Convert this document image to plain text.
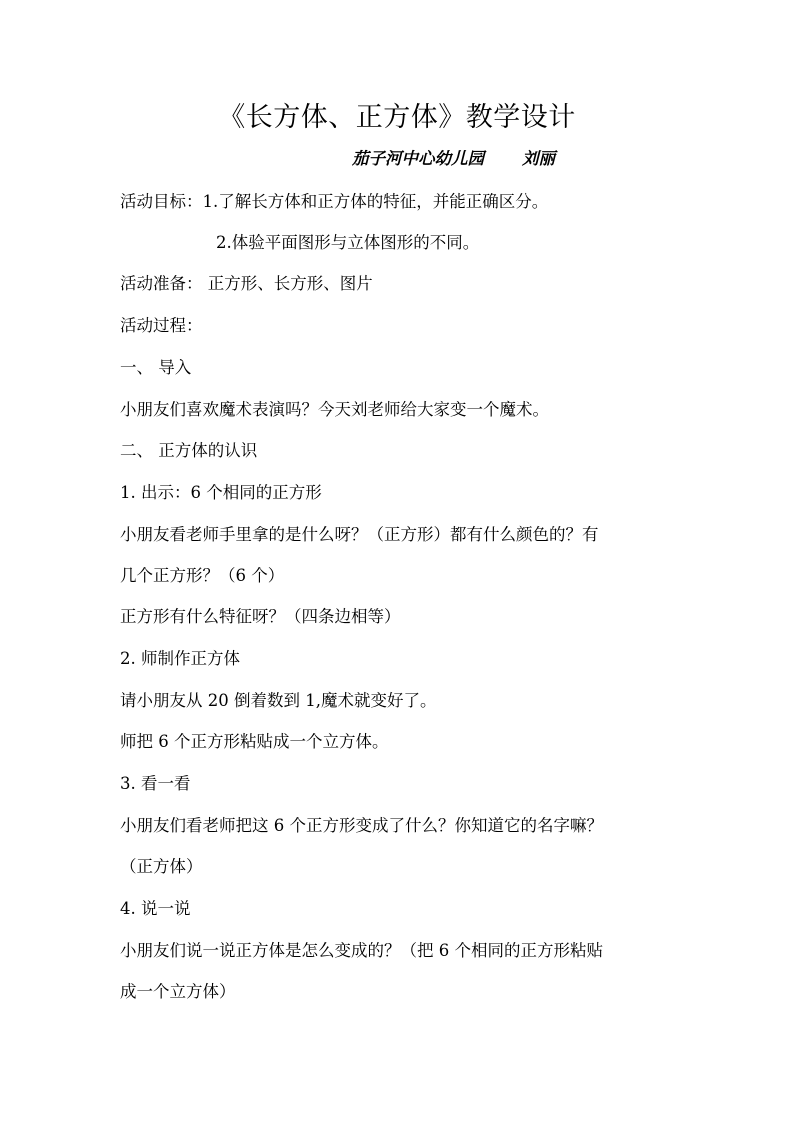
《长方体、正方体》教学设计
茄子河中心幼儿园 刘丽
活动目标：1.了解长方体和正方体的特征，并能正确区分。
2.体验平面图形与立体图形的不同。
活动准备： 正方形、长方形、图片
活动过程：
一、 导入
小朋友们喜欢魔术表演吗？今天刘老师给大家变一个魔术。
二、 正方体的认识
1. 出示：6 个相同的正方形
小朋友看老师手里拿的是什么呀？（正方形）都有什么颜色的？有
几个正方形？（6 个）
正方形有什么特征呀？（四条边相等）
2. 师制作正方体
请小朋友从 20 倒着数到 1,魔术就变好了。
师把 6 个正方形粘贴成一个立方体。
3. 看一看
小朋友们看老师把这 6 个正方形变成了什么？你知道它的名字嘛？
（正方体）
4. 说一说
小朋友们说一说正方体是怎么变成的？（把 6 个相同的正方形粘贴
成一个立方体）
